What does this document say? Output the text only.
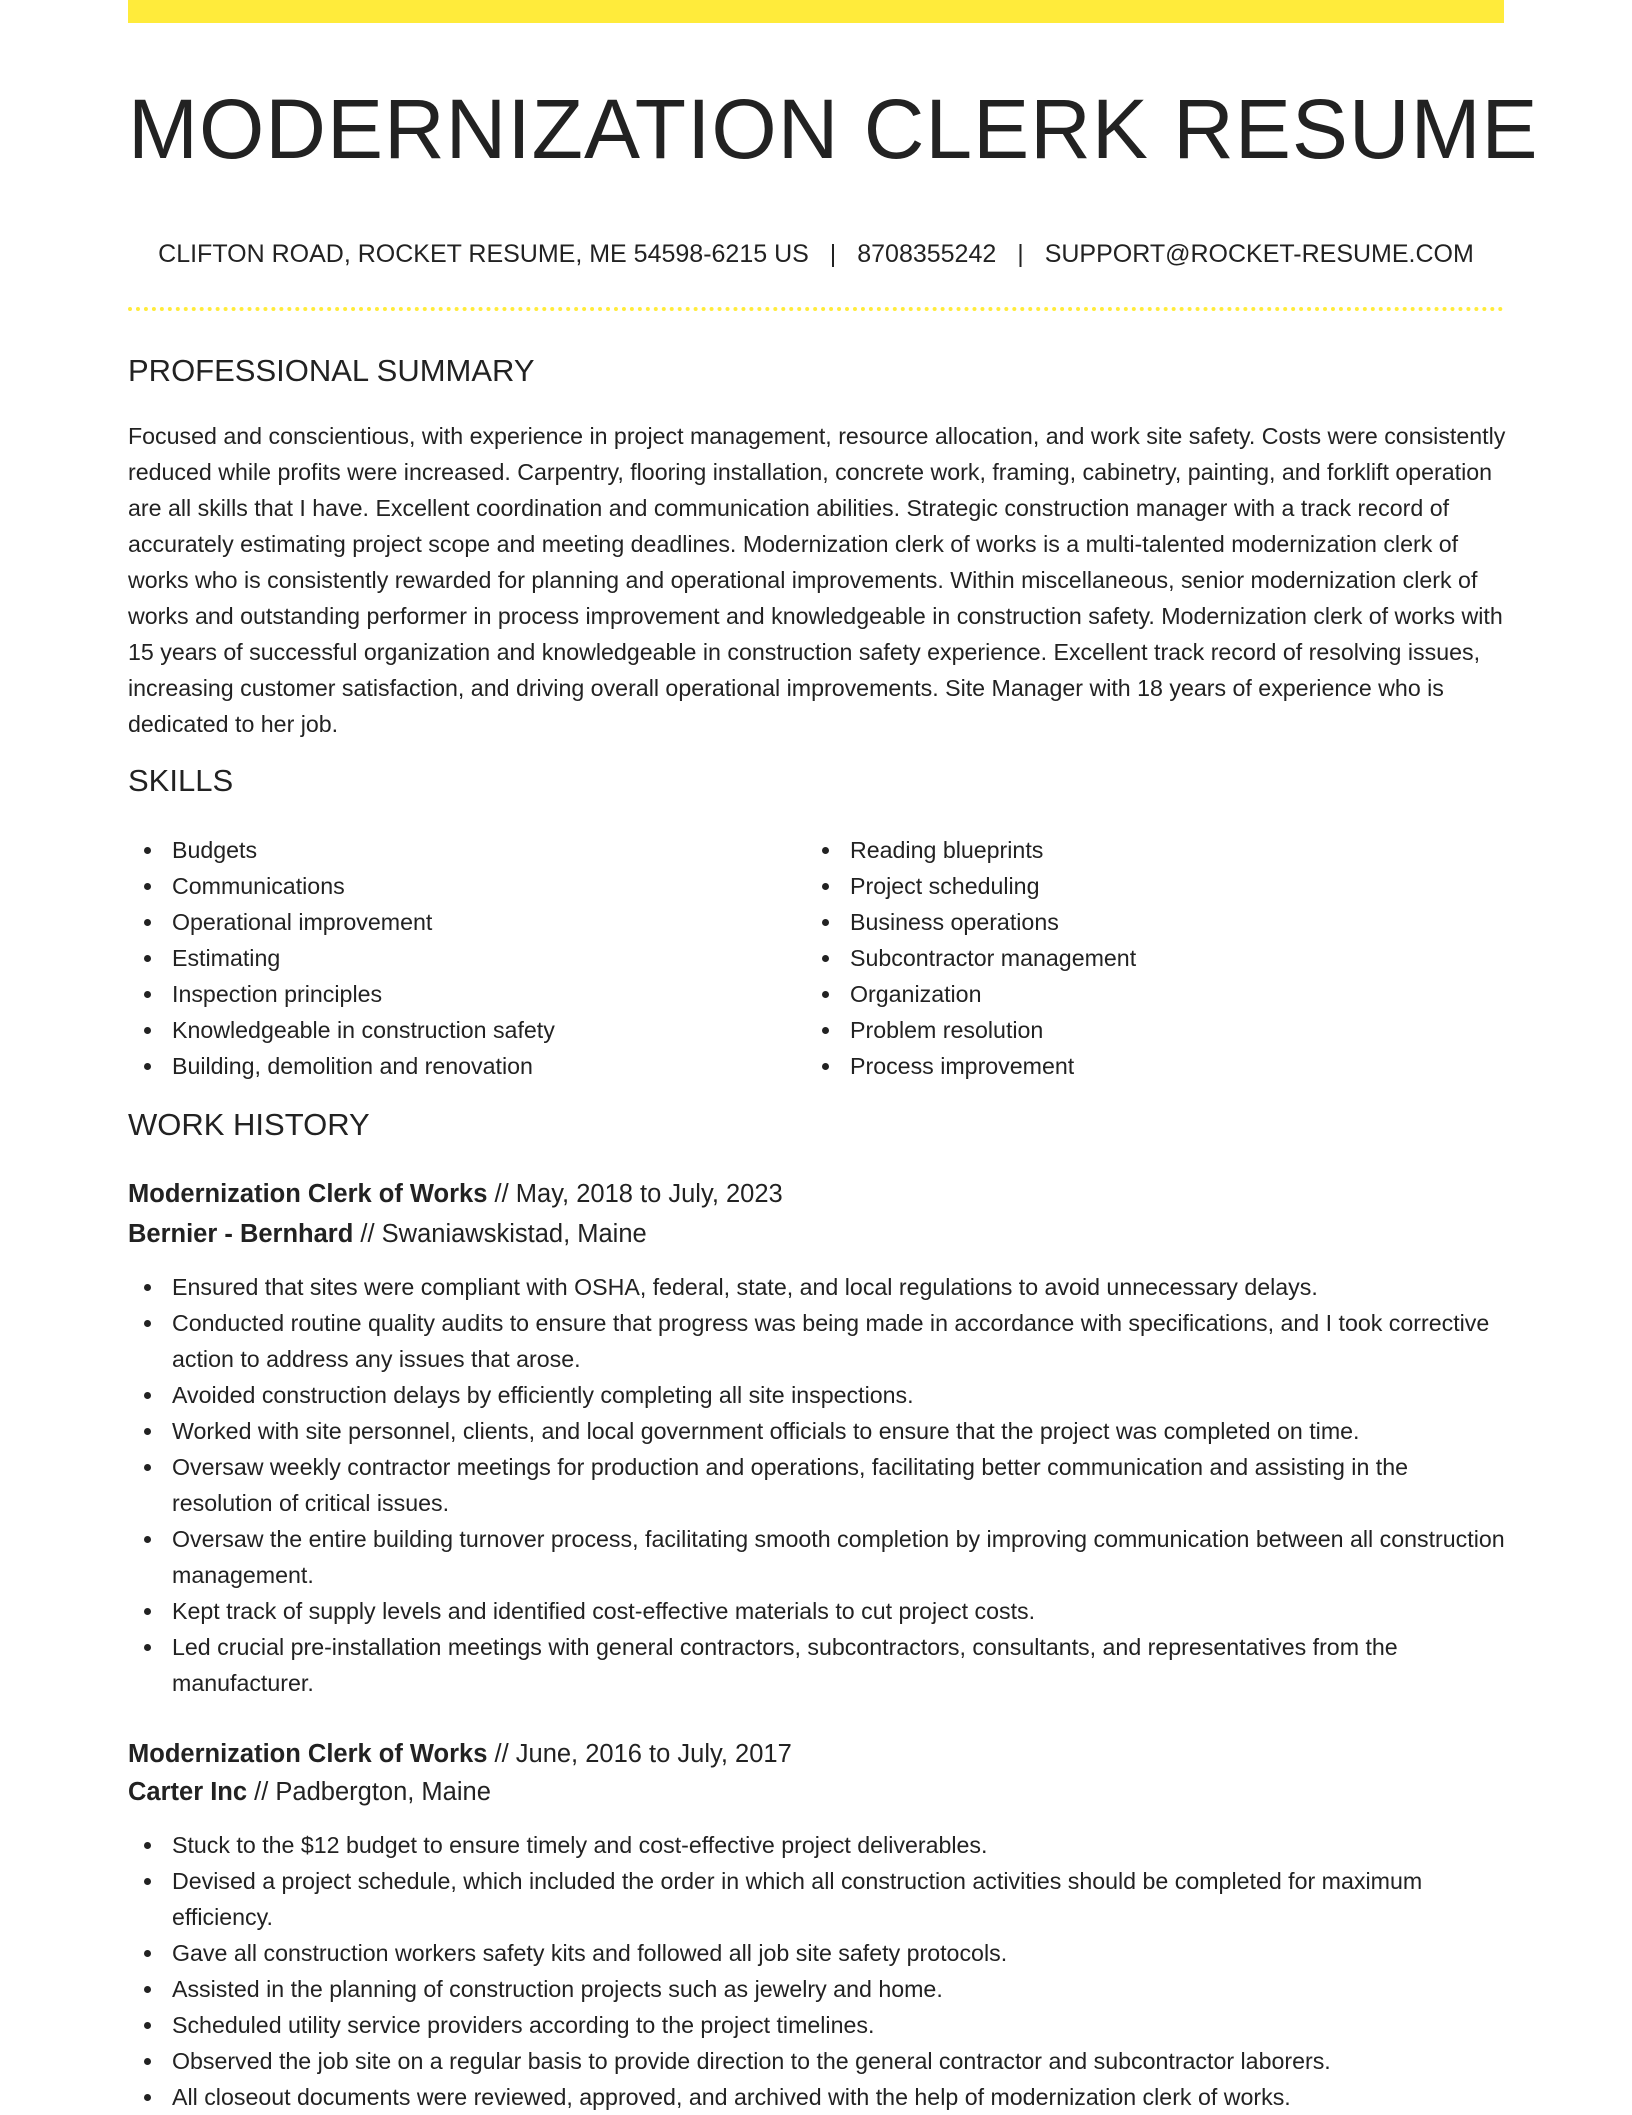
MODERNIZATION CLERK RESUME
CLIFTON ROAD, ROCKET RESUME, ME 54598-6215 US | 8708355242 | SUPPORT@ROCKET-RESUME.COM
PROFESSIONAL SUMMARY

Focused and conscientious, with experience in project management, resource allocation, and work site safety. Costs were consistently reduced while profits were increased. Carpentry, flooring installation, concrete work, framing, cabinetry, painting, and forklift operation are all skills that I have. Excellent coordination and communication abilities. Strategic construction manager with a track record of accurately estimating project scope and meeting deadlines. Modernization clerk of works is a multi-talented modernization clerk of works who is consistently rewarded for planning and operational improvements. Within miscellaneous, senior modernization clerk of works and outstanding performer in process improvement and knowledgeable in construction safety. Modernization clerk of works with 15 years of successful organization and knowledgeable in construction safety experience. Excellent track record of resolving issues, increasing customer satisfaction, and driving overall operational improvements. Site Manager with 18 years of experience who is dedicated to her job.

SKILLS
Budgets
Communications
Operational improvement
Estimating
Inspection principles
Knowledgeable in construction safety
Building, demolition and renovation
Reading blueprints
Project scheduling
Business operations
Subcontractor management
Organization
Problem resolution
Process improvement
WORK HISTORY
Modernization Clerk of Works // May, 2018 to July, 2023
Bernier - Bernhard // Swaniawskistad, Maine
Ensured that sites were compliant with OSHA, federal, state, and local regulations to avoid unnecessary delays.
Conducted routine quality audits to ensure that progress was being made in accordance with specifications, and I took corrective action to address any issues that arose.
Avoided construction delays by efficiently completing all site inspections.
Worked with site personnel, clients, and local government officials to ensure that the project was completed on time.
Oversaw weekly contractor meetings for production and operations, facilitating better communication and assisting in the resolution of critical issues.
Oversaw the entire building turnover process, facilitating smooth completion by improving communication between all construction management.
Kept track of supply levels and identified cost-effective materials to cut project costs.
Led crucial pre-installation meetings with general contractors, subcontractors, consultants, and representatives from the manufacturer.
Modernization Clerk of Works // June, 2016 to July, 2017
Carter Inc // Padbergton, Maine
Stuck to the $12 budget to ensure timely and cost-effective project deliverables.
Devised a project schedule, which included the order in which all construction activities should be completed for maximum efficiency.
Gave all construction workers safety kits and followed all job site safety protocols.
Assisted in the planning of construction projects such as jewelry and home.
Scheduled utility service providers according to the project timelines.
Observed the job site on a regular basis to provide direction to the general contractor and subcontractor laborers.
All closeout documents were reviewed, approved, and archived with the help of modernization clerk of works.
